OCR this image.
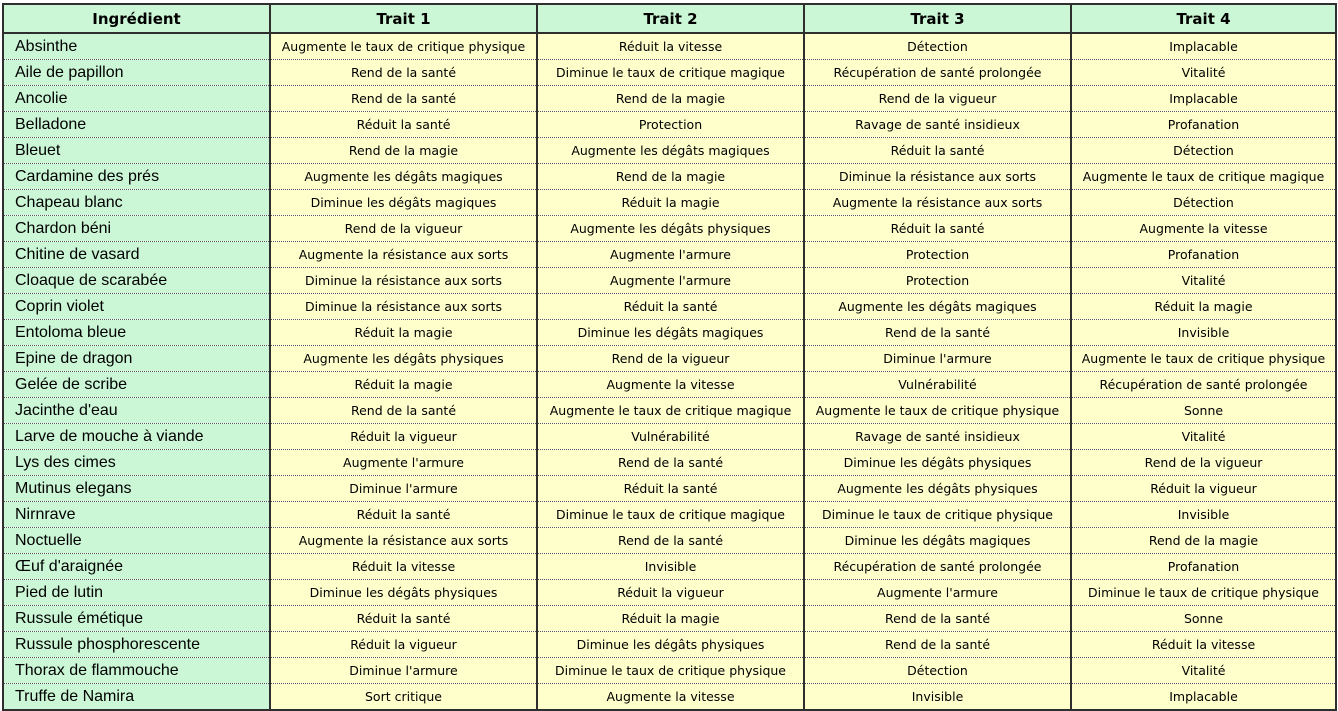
Ingrédient	Trait 1	Trait 2	Trait 3	Trait 4
Absinthe	Augmente le taux de critique physique	Réduit la vitesse	Détection	Implacable
Aile de papillon	Rend de la santé	Diminue le taux de critique magique	Récupération de santé prolongée	Vitalité
Ancolie	Rend de la santé	Rend de la magie	Rend de la vigueur	Implacable
Belladone	Réduit la santé	Protection	Ravage de santé insidieux	Profanation
Bleuet	Rend de la magie	Augmente les dégâts magiques	Réduit la santé	Détection
Cardamine des prés	Augmente les dégâts magiques	Rend de la magie	Diminue la résistance aux sorts	Augmente le taux de critique magique
Chapeau blanc	Diminue les dégâts magiques	Réduit la magie	Augmente la résistance aux sorts	Détection
Chardon béni	Rend de la vigueur	Augmente les dégâts physiques	Réduit la santé	Augmente la vitesse
Chitine de vasard	Augmente la résistance aux sorts	Augmente l'armure	Protection	Profanation
Cloaque de scarabée	Diminue la résistance aux sorts	Augmente l'armure	Protection	Vitalité
Coprin violet	Diminue la résistance aux sorts	Réduit la santé	Augmente les dégâts magiques	Réduit la magie
Entoloma bleue	Réduit la magie	Diminue les dégâts magiques	Rend de la santé	Invisible
Epine de dragon	Augmente les dégâts physiques	Rend de la vigueur	Diminue l'armure	Augmente le taux de critique physique
Gelée de scribe	Réduit la magie	Augmente la vitesse	Vulnérabilité	Récupération de santé prolongée
Jacinthe d'eau	Rend de la santé	Augmente le taux de critique magique	Augmente le taux de critique physique	Sonne
Larve de mouche à viande	Réduit la vigueur	Vulnérabilité	Ravage de santé insidieux	Vitalité
Lys des cimes	Augmente l'armure	Rend de la santé	Diminue les dégâts physiques	Rend de la vigueur
Mutinus elegans	Diminue l'armure	Réduit la santé	Augmente les dégâts physiques	Réduit la vigueur
Nirnrave	Réduit la santé	Diminue le taux de critique magique	Diminue le taux de critique physique	Invisible
Noctuelle	Augmente la résistance aux sorts	Rend de la santé	Diminue les dégâts magiques	Rend de la magie
Œuf d'araignée	Réduit la vitesse	Invisible	Récupération de santé prolongée	Profanation
Pied de lutin	Diminue les dégâts physiques	Réduit la vigueur	Augmente l'armure	Diminue le taux de critique physique
Russule émétique	Réduit la santé	Réduit la magie	Rend de la santé	Sonne
Russule phosphorescente	Réduit la vigueur	Diminue les dégâts physiques	Rend de la santé	Réduit la vitesse
Thorax de flammouche	Diminue l'armure	Diminue le taux de critique physique	Détection	Vitalité
Truffe de Namira	Sort critique	Augmente la vitesse	Invisible	Implacable
